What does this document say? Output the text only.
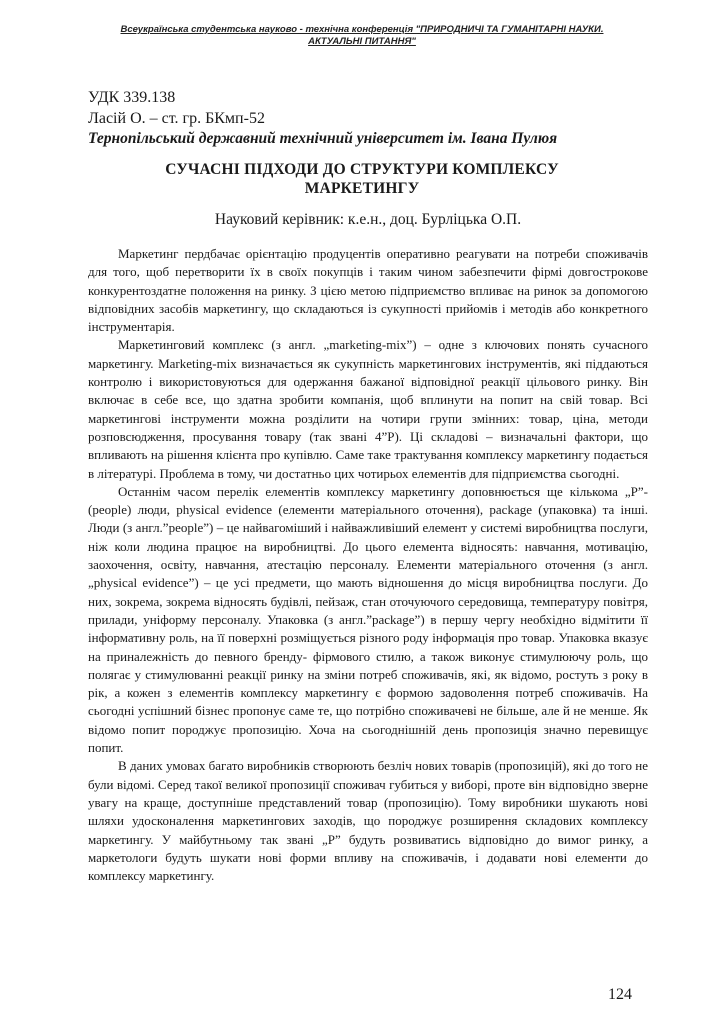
Всеукраїнська студентська науково - технічна конференція "ПРИРОДНИЧІ ТА ГУМАНІТАРНІ НАУКИ.
АКТУАЛЬНІ ПИТАННЯ"
УДК 339.138
Ласій О. – ст. гр. БКмп-52
Тернопільський державний технічний університет ім. Івана Пулюя
СУЧАСНІ ПІДХОДИ ДО СТРУКТУРИ КОМПЛЕКСУ
МАРКЕТИНГУ
Науковий керівник: к.е.н., доц. Бурліцька О.П.

Маркетинг пердбачає орієнтацію продуцентів оперативно реагувати на потреби споживачів для того, щоб перетворити їх в своїх покупців і таким чином забезпечити фірмі довгострокове конкурентоздатне положення на ринку. З цією метою підприємство впливає на ринок за допомогою відповідних засобів маркетингу, що складаються із сукупності прийомів і методів або конкретного інструментарія.

Маркетинговий комплекс (з англ. „marketing-mix”) – одне з ключових понять сучасного маркетингу. Marketing-mix визначається як сукупність маркетингових інструментів, які піддаються контролю і використовуються для одержання бажаної відповідної реакції цільового ринку. Він включає в себе все, що здатна зробити компанія, щоб вплинути на попит на свій товар. Всі маркетингові інструменти можна розділити на чотири групи змінних: товар, ціна, методи розповсюдження, просування товару (так звані 4”P). Ці складові – визначальні фактори, що впливають на рішення клієнта про купівлю. Саме таке трактування комплексу маркетингу подається в літературі. Проблема в тому, чи достатньо цих чотирьох елементів для підприємства сьогодні.

Останнім часом перелік елементів комплексу маркетингу доповнюється ще кількома „Р”- (people) люди, physical evidence (елементи матеріального оточення), package (упаковка) та інші. Люди (з англ.”people”) – це найвагоміший і найважливіший елемент у системі виробництва послуги, ніж коли людина працює на виробництві. До цього елемента відносять: навчання, мотивацію, заохочення, освіту, навчання, атестацію персоналу. Елементи матеріального оточення (з англ. „physical evidence”) – це усі предмети, що мають відношення до місця виробництва послуги. До них, зокрема, зокрема відносять будівлі, пейзаж, стан оточуючого середовища, температуру повітря, прилади, уніформу персоналу. Упаковка (з англ.”package”) в першу чергу необхідно відмітити її інформативну роль, на її поверхні розміщується різного роду інформація про товар. Упаковка вказує на приналежність до певного бренду- фірмового стилю, а також виконує стимулюючу роль, що полягає у стимулюванні реакції ринку на зміни потреб споживачів, які, як відомо, ростуть з року в рік, а кожен з елементів комплексу маркетингу є формою задоволення потреб споживачів. На сьогодні успішний бізнес пропонує саме те, що потрібно споживачеві не більше, але й не менше. Як відомо попит породжує пропозицію. Хоча на сьогоднішній день пропозиція значно перевищує попит.

В даних умовах багато виробників створюють безліч нових товарів (пропозицій), які до того не були відомі. Серед такої великої пропозиції споживач губиться у виборі, проте він відповідно зверне увагу на краще, доступніше представлений товар (пропозицію). Тому виробники шукають нові шляхи удосконалення маркетингових заходів, що породжує розширення складових комплексу маркетингу. У майбутньому так звані „Р” будуть розвиватись відповідно до вимог ринку, а маркетологи будуть шукати нові форми впливу на споживачів, і додавати нові елементи до комплексу маркетингу.

124
